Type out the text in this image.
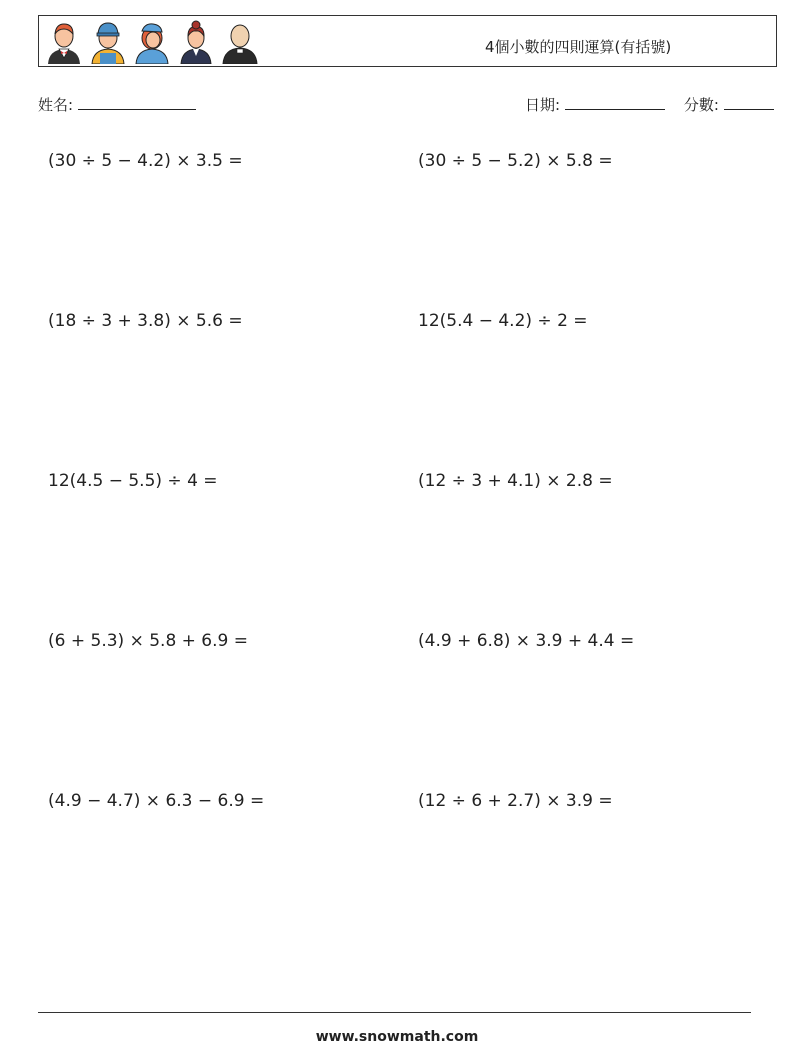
4個小數的四則運算(有括號)
姓名:	日期:	分數:
(30 ÷ 5 − 4.2) × 3.5 =	(30 ÷ 5 − 5.2) × 5.8 =
(18 ÷ 3 + 3.8) × 5.6 =	12(5.4 − 4.2) ÷ 2 =
12(4.5 − 5.5) ÷ 4 =	(12 ÷ 3 + 4.1) × 2.8 =
(6 + 5.3) × 5.8 + 6.9 =	(4.9 + 6.8) × 3.9 + 4.4 =
(4.9 − 4.7) × 6.3 − 6.9 =	(12 ÷ 6 + 2.7) × 3.9 =
www.snowmath.com
